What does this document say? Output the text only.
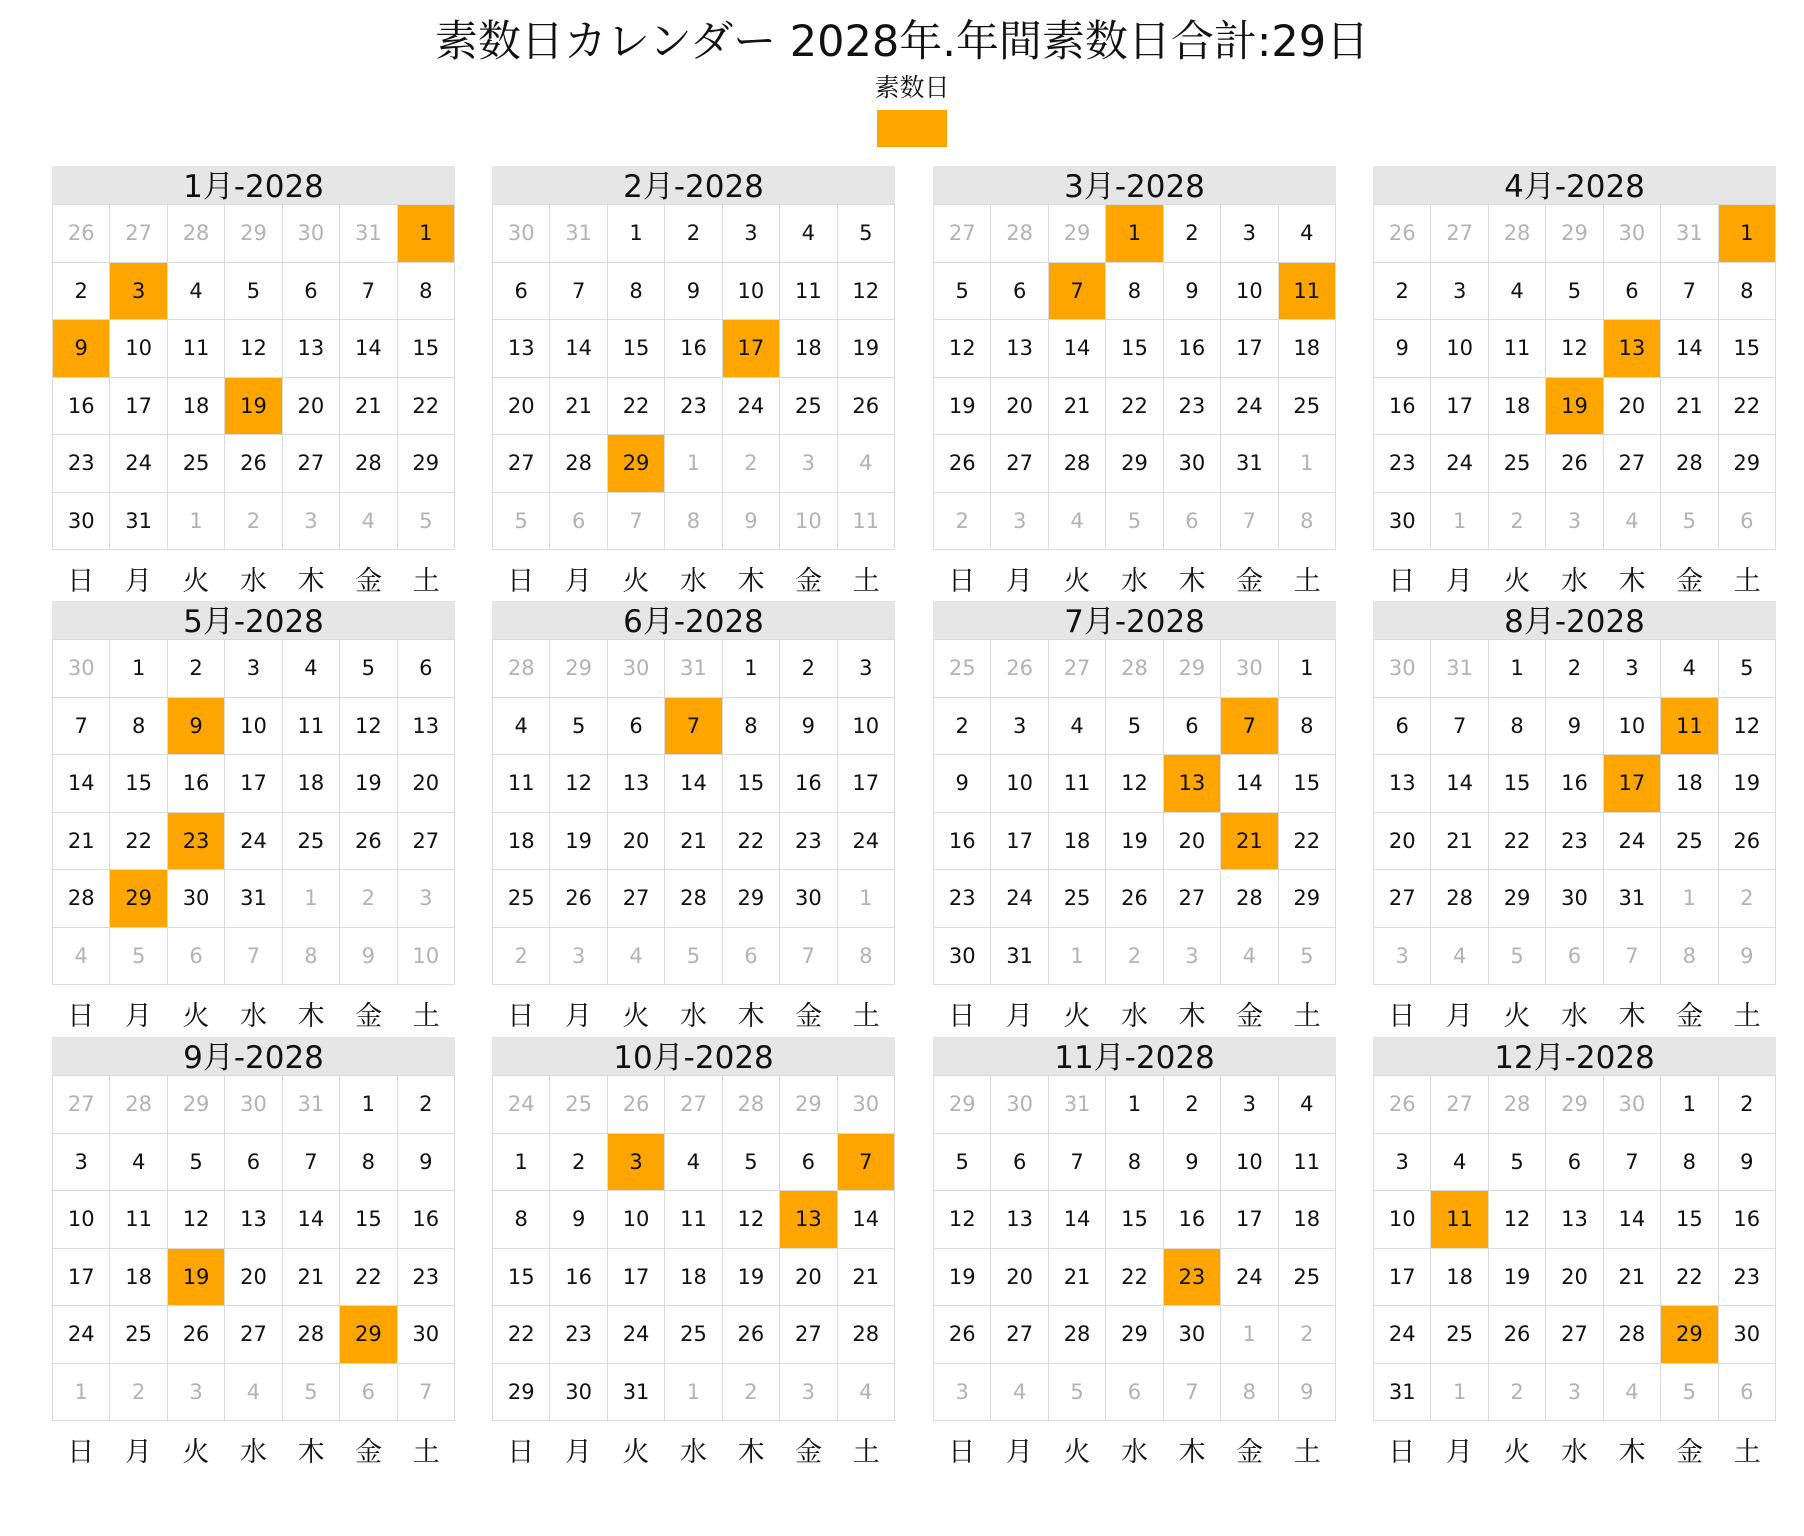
素数日カレンダー 2028年.年間素数日合計:29日
素数日
1月-2028
26	27	28	29	30	31	1
2	3	4	5	6	7	8
9	10	11	12	13	14	15
16	17	18	19	20	21	22
23	24	25	26	27	28	29
30	31	1	2	3	4	5
日	月	火	水	木	金	土
2月-2028
30	31	1	2	3	4	5
6	7	8	9	10	11	12
13	14	15	16	17	18	19
20	21	22	23	24	25	26
27	28	29	1	2	3	4
5	6	7	8	9	10	11
日	月	火	水	木	金	土
3月-2028
27	28	29	1	2	3	4
5	6	7	8	9	10	11
12	13	14	15	16	17	18
19	20	21	22	23	24	25
26	27	28	29	30	31	1
2	3	4	5	6	7	8
日	月	火	水	木	金	土
4月-2028
26	27	28	29	30	31	1
2	3	4	5	6	7	8
9	10	11	12	13	14	15
16	17	18	19	20	21	22
23	24	25	26	27	28	29
30	1	2	3	4	5	6
日	月	火	水	木	金	土
5月-2028
30	1	2	3	4	5	6
7	8	9	10	11	12	13
14	15	16	17	18	19	20
21	22	23	24	25	26	27
28	29	30	31	1	2	3
4	5	6	7	8	9	10
日	月	火	水	木	金	土
6月-2028
28	29	30	31	1	2	3
4	5	6	7	8	9	10
11	12	13	14	15	16	17
18	19	20	21	22	23	24
25	26	27	28	29	30	1
2	3	4	5	6	7	8
日	月	火	水	木	金	土
7月-2028
25	26	27	28	29	30	1
2	3	4	5	6	7	8
9	10	11	12	13	14	15
16	17	18	19	20	21	22
23	24	25	26	27	28	29
30	31	1	2	3	4	5
日	月	火	水	木	金	土
8月-2028
30	31	1	2	3	4	5
6	7	8	9	10	11	12
13	14	15	16	17	18	19
20	21	22	23	24	25	26
27	28	29	30	31	1	2
3	4	5	6	7	8	9
日	月	火	水	木	金	土
9月-2028
27	28	29	30	31	1	2
3	4	5	6	7	8	9
10	11	12	13	14	15	16
17	18	19	20	21	22	23
24	25	26	27	28	29	30
1	2	3	4	5	6	7
日	月	火	水	木	金	土
10月-2028
24	25	26	27	28	29	30
1	2	3	4	5	6	7
8	9	10	11	12	13	14
15	16	17	18	19	20	21
22	23	24	25	26	27	28
29	30	31	1	2	3	4
日	月	火	水	木	金	土
11月-2028
29	30	31	1	2	3	4
5	6	7	8	9	10	11
12	13	14	15	16	17	18
19	20	21	22	23	24	25
26	27	28	29	30	1	2
3	4	5	6	7	8	9
日	月	火	水	木	金	土
12月-2028
26	27	28	29	30	1	2
3	4	5	6	7	8	9
10	11	12	13	14	15	16
17	18	19	20	21	22	23
24	25	26	27	28	29	30
31	1	2	3	4	5	6
日	月	火	水	木	金	土
